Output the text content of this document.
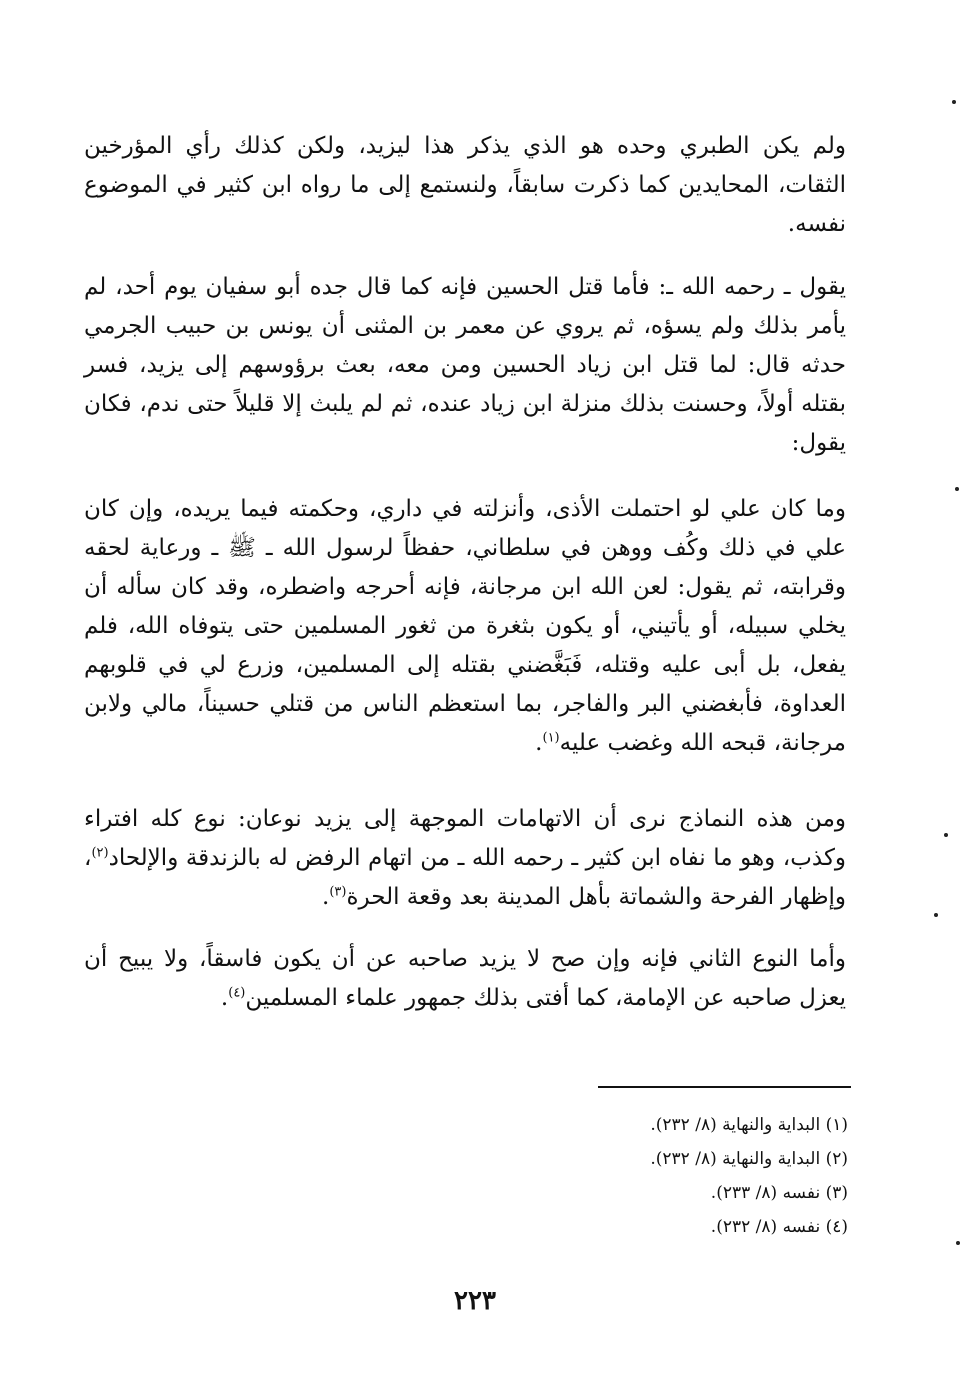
ولم يكن الطبري وحده هو الذي يذكر هذا ليزيد، ولكن كذلك رأي المؤرخين الثقات، المحايدين كما ذكرت سابقاً، ولنستمع إلى ما رواه ابن كثير في الموضوع نفسه.

يقول ـ رحمه الله ـ: فأما قتل الحسين فإنه كما قال جده أبو سفيان يوم أحد، لم يأمر بذلك ولم يسؤه، ثم يروي عن معمر بن المثنى أن يونس بن حبيب الجرمي حدثه قال: لما قتل ابن زياد الحسين ومن معه، بعث برؤوسهم إلى يزيد، فسر بقتله أولاً، وحسنت بذلك منزلة ابن زياد عنده، ثم لم يلبث إلا قليلاً حتى ندم، فكان يقول:

وما كان علي لو احتملت الأذى، وأنزلته في داري، وحكمته فيما يريده، وإن كان علي في ذلك وكُف ووهن في سلطاني، حفظاً لرسول الله ـ ﷺ ـ ورعاية لحقه وقرابته، ثم يقول: لعن الله ابن مرجانة، فإنه أحرجه واضطره، وقد كان سأله أن يخلي سبيله، أو يأتيني، أو يكون بثغرة من ثغور المسلمين حتى يتوفاه الله، فلم يفعل، بل أبى عليه وقتله، فَبَغَّضني بقتله إلى المسلمين، وزرع لي في قلوبهم العداوة، فأبغضني البر والفاجر، بما استعظم الناس من قتلي حسيناً، مالي ولابن مرجانة، قبحه الله وغضب عليه$^{(١)}$.

ومن هذه النماذج نرى أن الاتهامات الموجهة إلى يزيد نوعان: نوع كله افتراء وكذب، وهو ما نفاه ابن كثير ـ رحمه الله ـ من اتهام الرفض له بالزندقة والإلحاد$^{(٢)}$، وإظهار الفرحة والشماتة بأهل المدينة بعد وقعة الحرة$^{(٣)}$.

وأما النوع الثاني فإنه وإن صح لا يزيد صاحبه عن أن يكون فاسقاً، ولا يبيح أن يعزل صاحبه عن الإمامة، كما أفتى بذلك جمهور علماء المسلمين$^{(٤)}$.

(١) البداية والنهاية (٨/ ٢٣٢).

(٢) البداية والنهاية (٨/ ٢٣٢).

(٣) نفسه (٨/ ٢٣٣).

(٤) نفسه (٨/ ٢٣٢).

٢٢٣
